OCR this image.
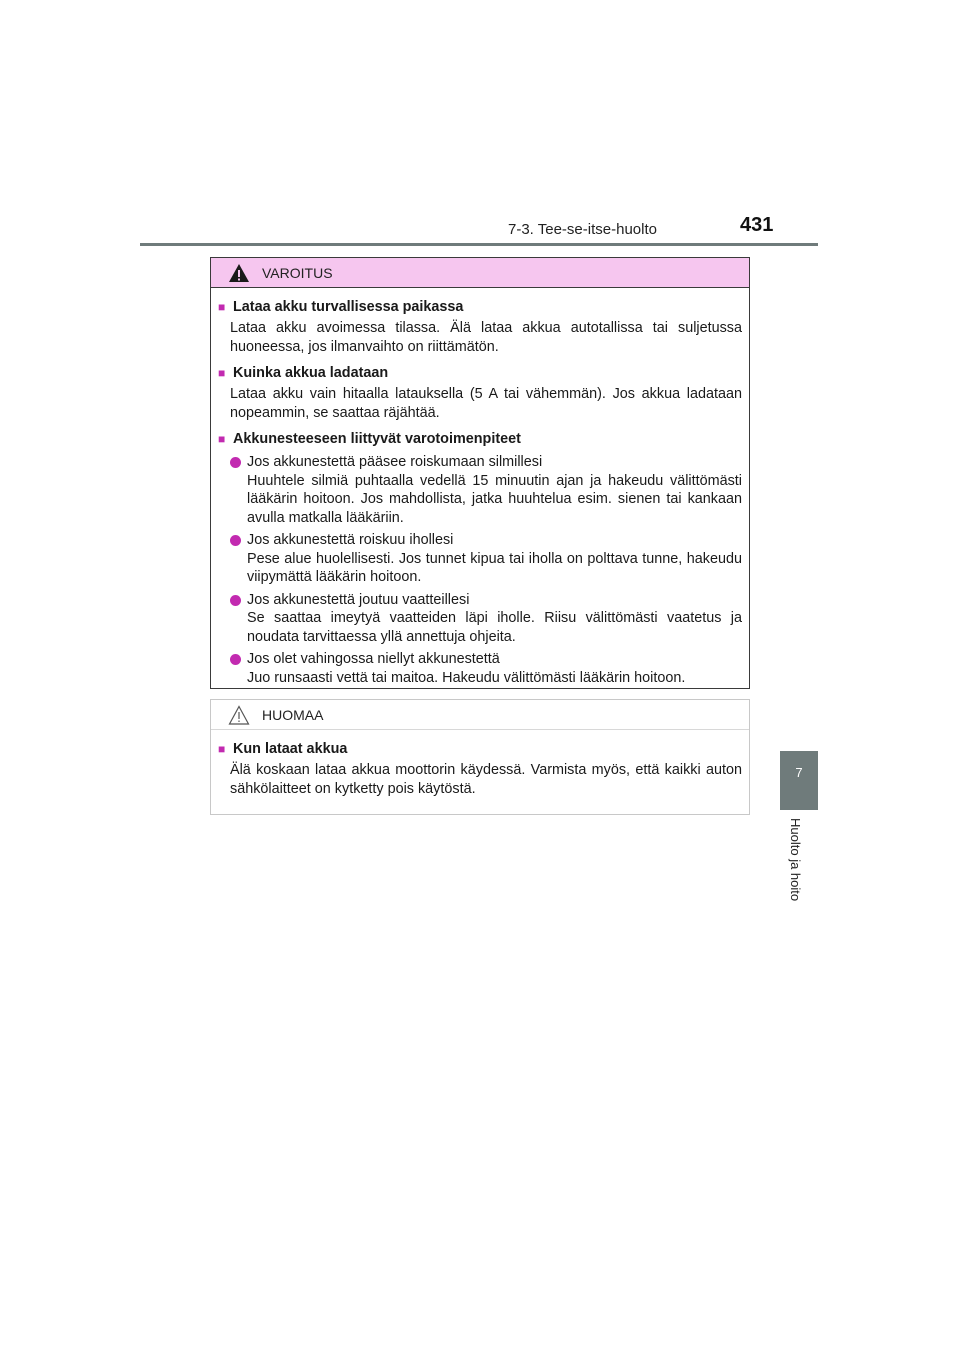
7-3. Tee-se-itse-huolto	431
7
Huolto ja hoito
VAROITUS
■ Lataa akku turvallisessa paikassa
Lataa akku avoimessa tilassa. Älä lataa akkua autotallissa tai suljetussa huoneessa, jos ilmanvaihto on riittämätön.
■ Kuinka akkua ladataan
Lataa akku vain hitaalla latauksella (5 A tai vähemmän). Jos akkua ladataan nopeammin, se saattaa räjähtää.
■ Akkunesteeseen liittyvät varotoimenpiteet
Jos akkunestettä pääsee roiskumaan silmillesi
Huuhtele silmiä puhtaalla vedellä 15 minuutin ajan ja hakeudu välittömästi lääkärin hoitoon. Jos mahdollista, jatka huuhtelua esim. sienen tai kankaan avulla matkalla lääkäriin.
Jos akkunestettä roiskuu ihollesi
Pese alue huolellisesti. Jos tunnet kipua tai iholla on polttava tunne, hakeudu viipymättä lääkärin hoitoon.
Jos akkunestettä joutuu vaatteillesi
Se saattaa imeytyä vaatteiden läpi iholle. Riisu välittömästi vaatetus ja noudata tarvittaessa yllä annettuja ohjeita.
Jos olet vahingossa niellyt akkunestettä
Juo runsaasti vettä tai maitoa. Hakeudu välittömästi lääkärin hoitoon.
HUOMAA
■ Kun lataat akkua
Älä koskaan lataa akkua moottorin käydessä. Varmista myös, että kaikki auton sähkölaitteet on kytketty pois käytöstä.
